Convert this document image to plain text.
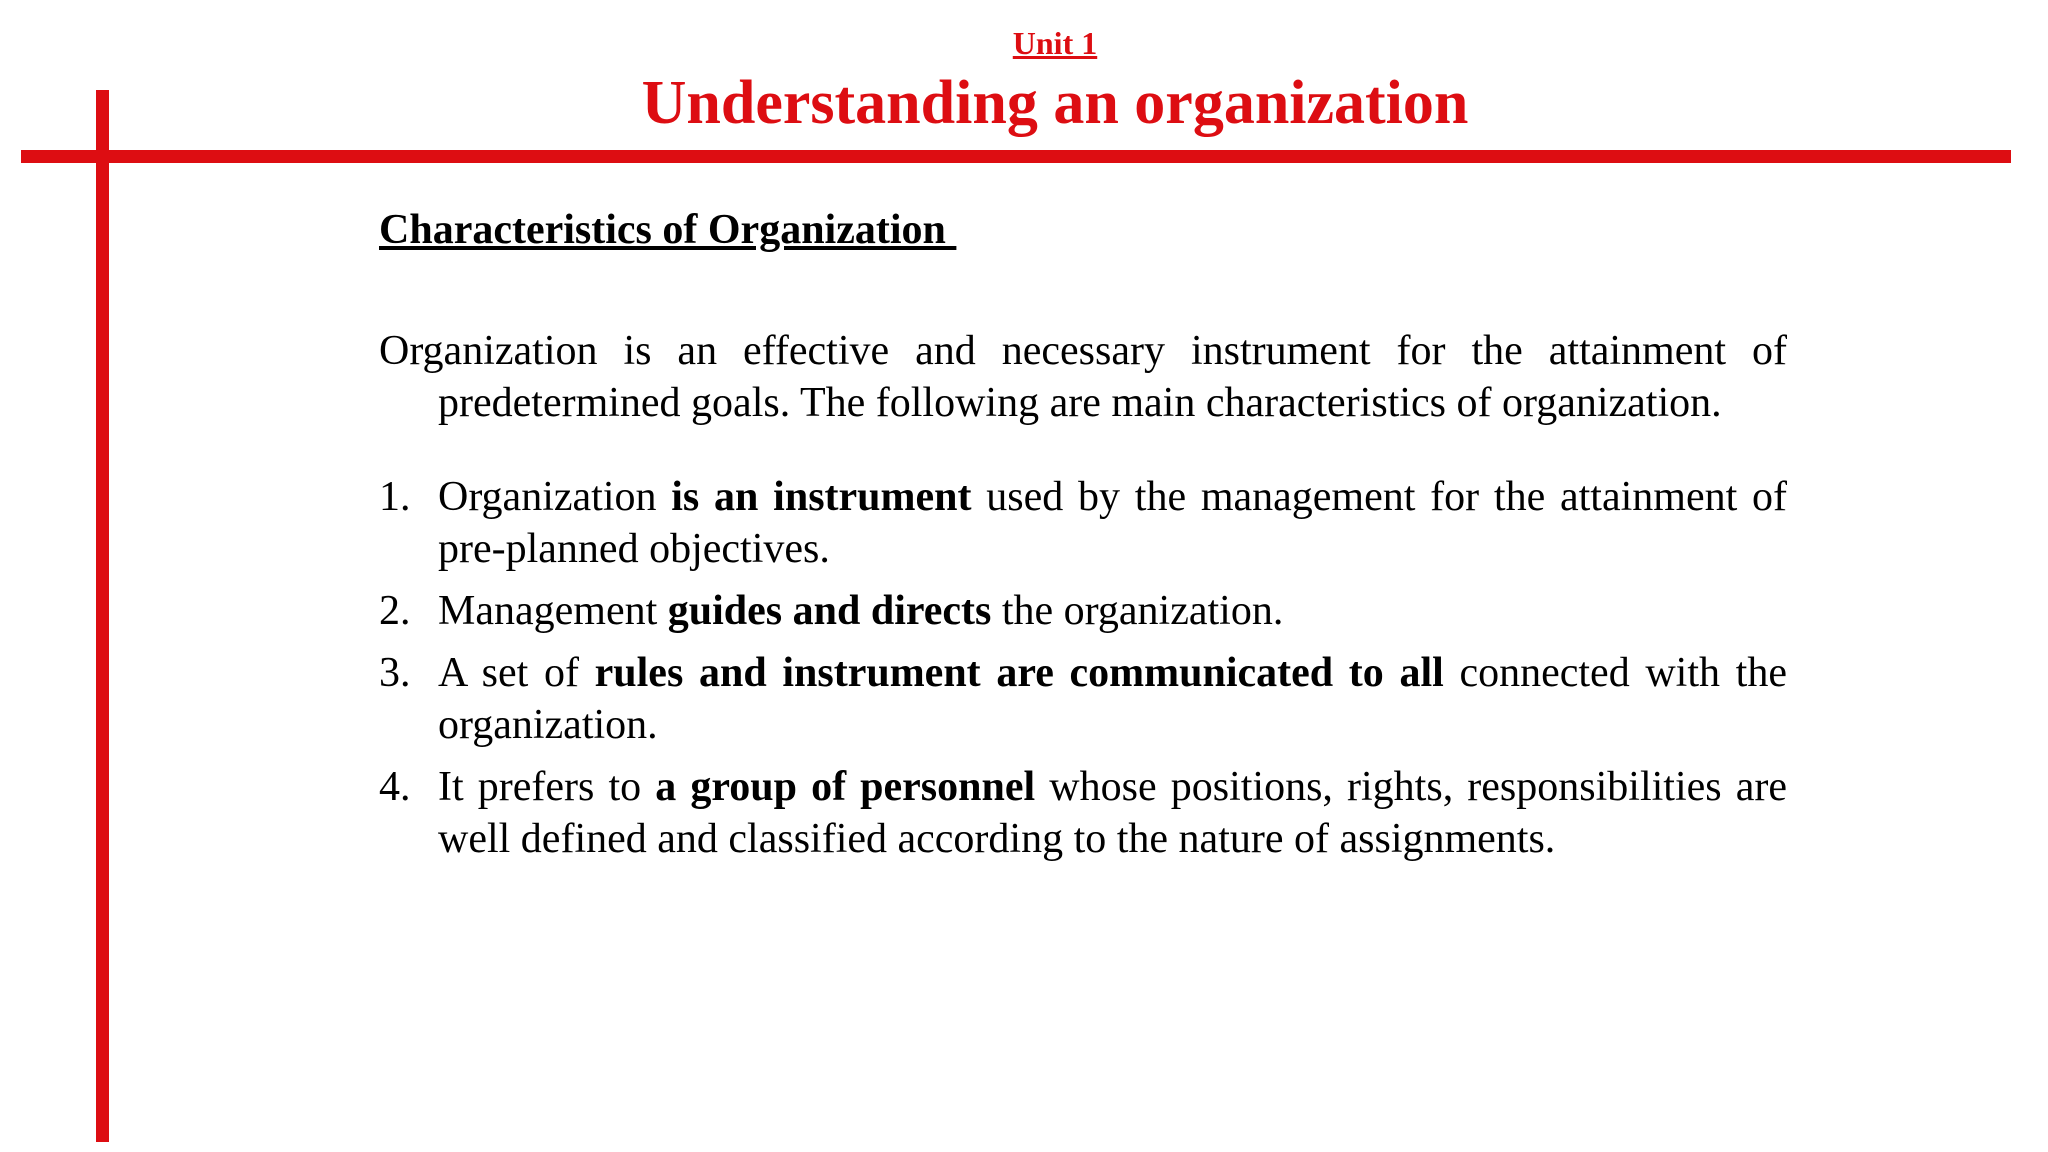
Unit 1
Understanding an organization
Characteristics of Organization

Organization is an effective and necessary instrument for the attainment of predetermined goals. The following are main characteristics of organization.

1. Organization is an instrument used by the management for the attainment of pre-planned objectives.
2. Management guides and directs the organization.
3. A set of rules and instrument are communicated to all connected with the organization.
4. It prefers to a group of personnel whose positions, rights, responsibilities are well defined and classified according to the nature of assignments.
